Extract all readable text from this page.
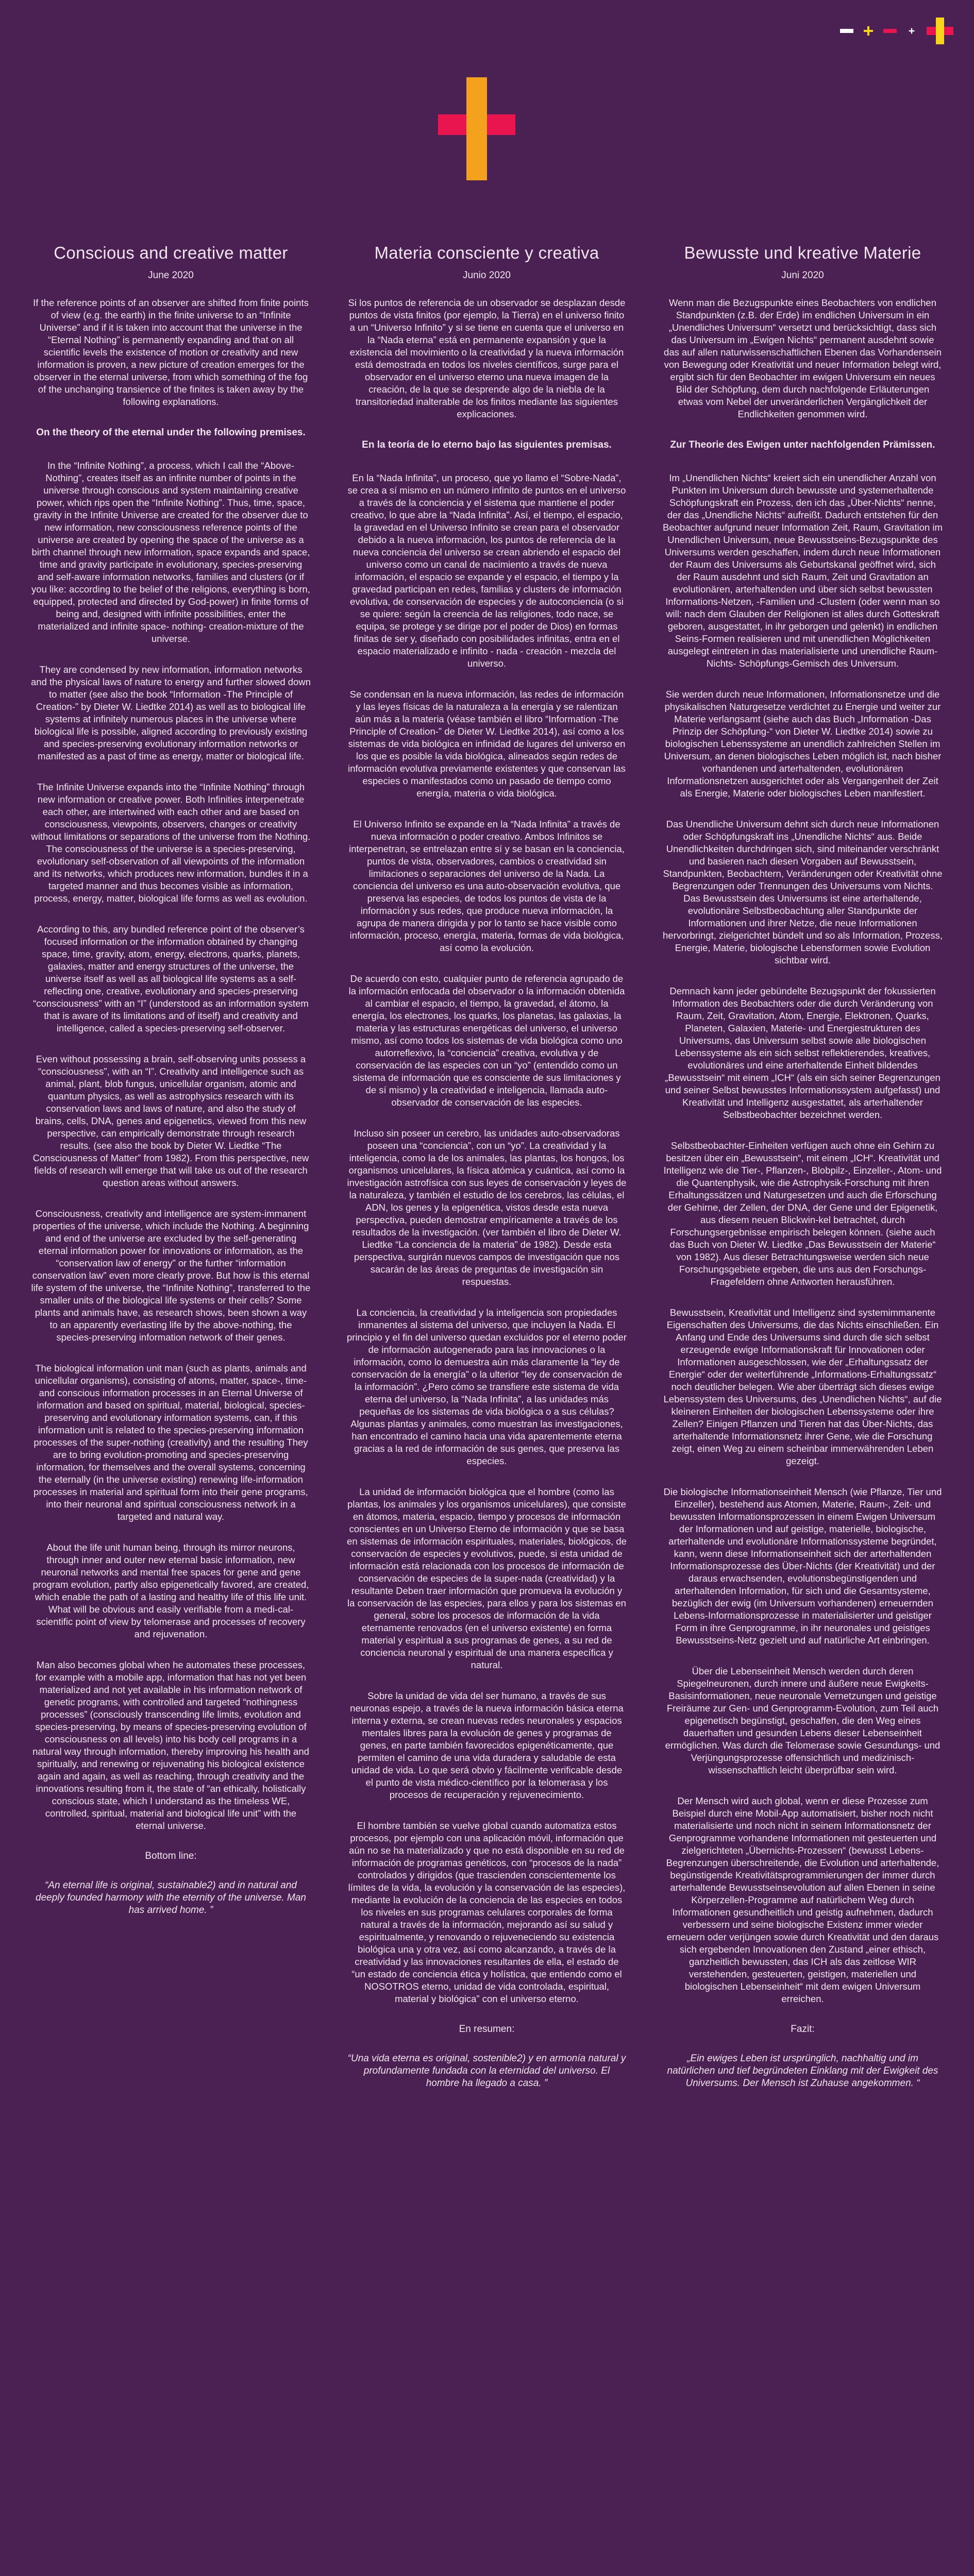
Conscious and creative matter
June 2020

If the reference points of an observer are shifted from finite points of view (e.g. the earth) in the finite universe to an “Infinite Universe” and if it is taken into account that the universe in the “Eternal Nothing” is permanently expanding and that on all scientific levels the existence of motion or creativity and new information is proven, a new picture of creation emerges for the observer in the eternal universe, from which something of the fog of the unchanging transience of the finites is taken away by the following explanations.

On the theory of the eternal under the following premises.

In the “Infinite Nothing”, a process, which I call the “Above-Nothing”, creates itself as an infinite number of points in the universe through conscious and system maintaining creative power, which rips open the “Infinite Nothing”. Thus, time, space, gravity in the Infinite Universe are created for the observer due to new information, new consciousness reference points of the universe are created by opening the space of the universe as a birth channel through new information, space expands and space, time and gravity participate in evolutionary, species-preserving and self-aware information networks, families and clusters (or if you like: according to the belief of the religions, everything is born, equipped, protected and directed by God-power) in finite forms of being and, designed with infinite possibilities, enter the materialized and infinite space- nothing- creation-mixture of the universe.

They are condensed by new information, information networks and the physical laws of nature to energy and further slowed down to matter (see also the book “Information -The Principle of Creation-” by Dieter W. Liedtke 2014) as well as to biological life systems at infinitely numerous places in the universe where biological life is possible, aligned according to previously existing and species-preserving evolutionary information networks or manifested as a past of time as energy, matter or biological life.

The Infinite Universe expands into the “Infinite Nothing” through new information or creative power. Both Infinities interpenetrate each other, are intertwined with each other and are based on consciousness, viewpoints, observers, changes or creativity without limitations or separations of the universe from the Nothing. The consciousness of the universe is a species-preserving, evolutionary self-observation of all viewpoints of the information and its networks, which produces new information, bundles it in a targeted manner and thus becomes visible as information, process, energy, matter, biological life forms as well as evolution.

According to this, any bundled reference point of the observer’s focused information or the information obtained by changing space, time, gravity, atom, energy, electrons, quarks, planets, galaxies, matter and energy structures of the universe, the universe itself as well as all biological life systems as a self-reflecting one, creative, evolutionary and species-preserving “consciousness” with an “I” (understood as an information system that is aware of its limitations and of itself) and creativity and intelligence, called a species-preserving self-observer.

Even without possessing a brain, self-observing units possess a “consciousness”, with an “I”. Creativity and intelligence such as animal, plant, blob fungus, unicellular organism, atomic and quantum physics, as well as astrophysics research with its conservation laws and laws of nature, and also the study of brains, cells, DNA, genes and epigenetics, viewed from this new perspective, can empirically demonstrate through research results. (see also the book by Dieter W. Liedtke “The Consciousness of Matter” from 1982). From this perspective, new fields of research will emerge that will take us out of the research question areas without answers.

Consciousness, creativity and intelligence are system-immanent properties of the universe, which include the Nothing. A beginning and end of the universe are excluded by the self-generating eternal information power for innovations or information, as the “conservation law of energy” or the further “information conservation law” even more clearly prove. But how is this eternal life system of the universe, the “Infinite Nothing”, transferred to the smaller units of the biological life systems or their cells? Some plants and animals have, as research shows, been shown a way to an apparently everlasting life by the above-nothing, the species-preserving information network of their genes.

The biological information unit man (such as plants, animals and unicellular organisms), consisting of atoms, matter, space-, time- and conscious information processes in an Eternal Universe of information and based on spiritual, material, biological, species-preserving and evolutionary information systems, can, if this information unit is related to the species-preserving information processes of the super-nothing (creativity) and the resulting They are to bring evolution-promoting and species-preserving information, for themselves and the overall systems, concerning the eternally (in the universe existing) renewing life-information processes in material and spiritual form into their gene programs, into their neuronal and spiritual consciousness network in a targeted and natural way.

About the life unit human being, through its mirror neurons, through inner and outer new eternal basic information, new neuronal networks and mental free spaces for gene and gene program evolution, partly also epigenetically favored, are created, which enable the path of a lasting and healthy life of this life unit. What will be obvious and easily verifiable from a medi-cal-scientific point of view by telomerase and processes of recovery and rejuvenation.

Man also becomes global when he automates these processes, for example with a mobile app, information that has not yet been materialized and not yet available in his information network of genetic programs, with controlled and targeted “nothingness processes” (consciously transcending life limits, evolution and species-preserving, by means of species-preserving evolution of consciousness on all levels) into his body cell programs in a natural way through information, thereby improving his health and spiritually, and renewing or rejuvenating his biological existence again and again, as well as reaching, through creativity and the innovations resulting from it, the state of “an ethically, holistically conscious state, which I understand as the timeless WE, controlled, spiritual, material and biological life unit” with the eternal universe.

Bottom line:

“An eternal life is original, sustainable2) and in natural and deeply founded harmony with the eternity of the universe. Man has arrived home. ”

Materia consciente y creativa
Junio 2020

Si los puntos de referencia de un observador se desplazan desde puntos de vista finitos (por ejemplo, la Tierra) en el universo finito a un “Universo Infinito” y si se tiene en cuenta que el universo en la “Nada eterna” está en permanente expansión y que la existencia del movimiento o la creatividad y la nueva información está demostrada en todos los niveles científicos, surge para el observador en el universo eterno una nueva imagen de la creación, de la que se desprende algo de la niebla de la transitoriedad inalterable de los finitos mediante las siguientes explicaciones.

En la teoría de lo eterno bajo las siguientes premisas.

En la “Nada Infinita”, un proceso, que yo llamo el “Sobre-Nada”, se crea a sí mismo en un número infinito de puntos en el universo a través de la conciencia y el sistema que mantiene el poder creativo, lo que abre la “Nada Infinita”. Así, el tiempo, el espacio, la gravedad en el Universo Infinito se crean para el observador debido a la nueva información, los puntos de referencia de la nueva conciencia del universo se crean abriendo el espacio del universo como un canal de nacimiento a través de nueva información, el espacio se expande y el espacio, el tiempo y la gravedad participan en redes, familias y clusters de información evolutiva, de conservación de especies y de autoconciencia (o si se quiere: según la creencia de las religiones, todo nace, se equipa, se protege y se dirige por el poder de Dios) en formas finitas de ser y, diseñado con posibilidades infinitas, entra en el espacio materializado e infinito - nada - creación - mezcla del universo.

Se condensan en la nueva información, las redes de información y las leyes físicas de la naturaleza a la energía y se ralentizan aún más a la materia (véase también el libro “Information -The Principle of Creation-” de Dieter W. Liedtke 2014), así como a los sistemas de vida biológica en infinidad de lugares del universo en los que es posible la vida biológica, alineados según redes de información evolutiva previamente existentes y que conservan las especies o manifestados como un pasado de tiempo como energía, materia o vida biológica.

El Universo Infinito se expande en la “Nada Infinita” a través de nueva información o poder creativo. Ambos Infinitos se interpenetran, se entrelazan entre sí y se basan en la conciencia, puntos de vista, observadores, cambios o creatividad sin limitaciones o separaciones del universo de la Nada. La conciencia del universo es una auto-observación evolutiva, que preserva las especies, de todos los puntos de vista de la información y sus redes, que produce nueva información, la agrupa de manera dirigida y por lo tanto se hace visible como información, proceso, energía, materia, formas de vida biológica, así como la evolución.

De acuerdo con esto, cualquier punto de referencia agrupado de la información enfocada del observador o la información obtenida al cambiar el espacio, el tiempo, la gravedad, el átomo, la energía, los electrones, los quarks, los planetas, las galaxias, la materia y las estructuras energéticas del universo, el universo mismo, así como todos los sistemas de vida biológica como uno autorreflexivo, la “conciencia” creativa, evolutiva y de conservación de las especies con un “yo” (entendido como un sistema de información que es consciente de sus limitaciones y de sí mismo) y la creatividad e inteligencia, llamada auto-observador de conservación de las especies.

Incluso sin poseer un cerebro, las unidades auto-observadoras poseen una “conciencia”, con un “yo”. La creatividad y la inteligencia, como la de los animales, las plantas, los hongos, los organismos unicelulares, la física atómica y cuántica, así como la investigación astrofísica con sus leyes de conservación y leyes de la naturaleza, y también el estudio de los cerebros, las células, el ADN, los genes y la epigenética, vistos desde esta nueva perspectiva, pueden demostrar empíricamente a través de los resultados de la investigación. (ver también el libro de Dieter W. Liedtke “La conciencia de la materia” de 1982). Desde esta perspectiva, surgirán nuevos campos de investigación que nos sacarán de las áreas de preguntas de investigación sin respuestas.

La conciencia, la creatividad y la inteligencia son propiedades inmanentes al sistema del universo, que incluyen la Nada. El principio y el fin del universo quedan excluidos por el eterno poder de información autogenerado para las innovaciones o la información, como lo demuestra aún más claramente la “ley de conservación de la energía” o la ulterior “ley de conservación de la información”. ¿Pero cómo se transfiere este sistema de vida eterna del universo, la “Nada Infinita”, a las unidades más pequeñas de los sistemas de vida biológica o a sus células? Algunas plantas y animales, como muestran las investigaciones, han encontrado el camino hacia una vida aparentemente eterna gracias a la red de información de sus genes, que preserva las especies.

La unidad de información biológica que el hombre (como las plantas, los animales y los organismos unicelulares), que consiste en átomos, materia, espacio, tiempo y procesos de información conscientes en un Universo Eterno de información y que se basa en sistemas de información espirituales, materiales, biológicos, de conservación de especies y evolutivos, puede, si esta unidad de información está relacionada con los procesos de información de conservación de especies de la super-nada (creatividad) y la resultante Deben traer información que promueva la evolución y la conservación de las especies, para ellos y para los sistemas en general, sobre los procesos de información de la vida eternamente renovados (en el universo existente) en forma material y espiritual a sus programas de genes, a su red de conciencia neuronal y espiritual de una manera específica y natural.

Sobre la unidad de vida del ser humano, a través de sus neuronas espejo, a través de la nueva información básica eterna interna y externa, se crean nuevas redes neuronales y espacios mentales libres para la evolución de genes y programas de genes, en parte también favorecidos epigenéticamente, que permiten el camino de una vida duradera y saludable de esta unidad de vida. Lo que será obvio y fácilmente verificable desde el punto de vista médico-científico por la telomerasa y los procesos de recuperación y rejuvenecimiento.

El hombre también se vuelve global cuando automatiza estos procesos, por ejemplo con una aplicación móvil, información que aún no se ha materializado y que no está disponible en su red de información de programas genéticos, con “procesos de la nada” controlados y dirigidos (que trascienden conscientemente los límites de la vida, la evolución y la conservación de las especies), mediante la evolución de la conciencia de las especies en todos los niveles en sus programas celulares corporales de forma natural a través de la información, mejorando así su salud y espiritualmente, y renovando o rejuveneciendo su existencia biológica una y otra vez, así como alcanzando, a través de la creatividad y las innovaciones resultantes de ella, el estado de “un estado de conciencia ética y holística, que entiendo como el NOSOTROS eterno, unidad de vida controlada, espiritual, material y biológica” con el universo eterno.

En resumen:

“Una vida eterna es original, sostenible2) y en armonía natural y profundamente fundada con la eternidad del universo. El hombre ha llegado a casa. ”

Bewusste und kreative Materie
Juni 2020

Wenn man die Bezugspunkte eines Beobachters von endlichen Standpunkten (z.B. der Erde) im endlichen Universum in ein „Unendliches Universum“ versetzt und berücksichtigt, dass sich das Universum im „Ewigen Nichts“ permanent ausdehnt sowie das auf allen naturwissenschaftlichen Ebenen das Vorhandensein von Bewegung oder Kreativität und neuer Information belegt wird, ergibt sich für den Beobachter im ewigen Universum ein neues Bild der Schöpfung, dem durch nachfolgende Erläuterungen etwas vom Nebel der unveränderlichen Vergänglichkeit der Endlichkeiten genommen wird.

Zur Theorie des Ewigen unter nachfolgenden Prämissen.

Im „Unendlichen Nichts“ kreiert sich ein unendlicher Anzahl von Punkten im Universum durch bewusste und systemerhaltende Schöpfungskraft ein Prozess, den ich das „Über-Nichts“ nenne, der das „Unendliche Nichts“ aufreißt. Dadurch entstehen für den Beobachter aufgrund neuer Information Zeit, Raum, Gravitation im Unendlichen Universum, neue Bewusstseins-Bezugspunkte des Universums werden geschaffen, indem durch neue Informationen der Raum des Universums als Geburtskanal geöffnet wird, sich der Raum ausdehnt und sich Raum, Zeit und Gravitation an evolutionären, arterhaltenden und über sich selbst bewussten Informations-Netzen, -Familien und -Clustern (oder wenn man so will: nach dem Glauben der Religionen ist alles durch Gotteskraft geboren, ausgestattet, in ihr geborgen und gelenkt) in endlichen Seins-Formen realisieren und mit unendlichen Möglichkeiten ausgelegt eintreten in das materialisierte und unendliche Raum- Nichts- Schöpfungs-Gemisch des Universum.

Sie werden durch neue Informationen, Informationsnetze und die physikalischen Naturgesetze verdichtet zu Energie und weiter zur Materie verlangsamt (siehe auch das Buch „Information -Das Prinzip der Schöpfung-“ von Dieter W. Liedtke 2014) sowie zu biologischen Lebenssysteme an unendlich zahlreichen Stellen im Universum, an denen biologisches Leben möglich ist, nach bisher vorhandenen und arterhaltenden, evolutionären Informationsnetzen ausgerichtet oder als Vergangenheit der Zeit als Energie, Materie oder biologisches Leben manifestiert.

Das Unendliche Universum dehnt sich durch neue Informationen oder Schöpfungskraft ins „Unendliche Nichts“ aus. Beide Unendlichkeiten durchdringen sich, sind miteinander verschränkt und basieren nach diesen Vorgaben auf Bewusstsein, Standpunkten, Beobachtern, Veränderungen oder Kreativität ohne Begrenzungen oder Trennungen des Universums vom Nichts. Das Bewusstsein des Universums ist eine arterhaltende, evolutionäre Selbstbeobachtung aller Standpunkte der Informationen und ihrer Netze, die neue Informationen hervorbringt, zielgerichtet bündelt und so als Information, Prozess, Energie, Materie, biologische Lebensformen sowie Evolution sichtbar wird.

Demnach kann jeder gebündelte Bezugspunkt der fokussierten Information des Beobachters oder die durch Veränderung von Raum, Zeit, Gravitation, Atom, Energie, Elektronen, Quarks, Planeten, Galaxien, Materie- und Energiestrukturen des Universums, das Universum selbst sowie alle biologischen Lebenssysteme als ein sich selbst reflektierendes, kreatives, evolutionäres und eine arterhaltende Einheit bildendes „Bewusstsein“ mit einem „ICH“ (als ein sich seiner Begrenzungen und seiner Selbst bewusstes Informationssystem aufgefasst) und Kreativität und Intelligenz ausgestattet, als arterhaltender Selbstbeobachter bezeichnet werden.

Selbstbeobachter-Einheiten verfügen auch ohne ein Gehirn zu besitzen über ein „Bewusstsein“, mit einem „ICH“. Kreativität und Intelligenz wie die Tier-, Pflanzen-, Blobpilz-, Einzeller-, Atom- und die Quantenphysik, wie die Astrophysik-Forschung mit ihren Erhaltungssätzen und Naturgesetzen und auch die Erforschung der Gehirne, der Zellen, der DNA, der Gene und der Epigenetik, aus diesem neuen Blickwin-kel betrachtet, durch Forschungsergebnisse empirisch belegen können. (siehe auch das Buch von Dieter W. Liedtke „Das Bewusstsein der Materie“ von 1982). Aus dieser Betrachtungsweise werden sich neue Forschungsgebiete ergeben, die uns aus den Forschungs-Fragefeldern ohne Antworten herausführen.

Bewusstsein, Kreativität und Intelligenz sind systemimmanente Eigenschaften des Universums, die das Nichts einschließen. Ein Anfang und Ende des Universums sind durch die sich selbst erzeugende ewige Informationskraft für Innovationen oder Informationen ausgeschlossen, wie der „Erhaltungssatz der Energie“ oder der weiterführende „Informations-Erhaltungssatz“ noch deutlicher belegen. Wie aber überträgt sich dieses ewige Lebenssystem des Universums, des „Unendlichen Nichts“, auf die kleineren Einheiten der biologischen Lebenssysteme oder ihre Zellen? Einigen Pflanzen und Tieren hat das Über-Nichts, das arterhaltende Informationsnetz ihrer Gene, wie die Forschung zeigt, einen Weg zu einem scheinbar immerwährenden Leben gezeigt.

Die biologische Informationseinheit Mensch (wie Pflanze, Tier und Einzeller), bestehend aus Atomen, Materie, Raum-, Zeit- und bewussten Informationsprozessen in einem Ewigen Universum der Informationen und auf geistige, materielle, biologische, arterhaltende und evolutionäre Informationssysteme begründet, kann, wenn diese Informationseinheit sich der arterhaltenden Informationsprozesse des Über-Nichts (der Kreativität) und der daraus erwachsenden, evolutionsbegünstigenden und arterhaltenden Information, für sich und die Gesamtsysteme, bezüglich der ewig (im Universum vorhandenen) erneuernden Lebens-Informationsprozesse in materialisierter und geistiger Form in ihre Genprogramme, in ihr neuronales und geistiges Bewusstseins-Netz gezielt und auf natürliche Art einbringen.

Über die Lebenseinheit Mensch werden durch deren Spiegelneuronen, durch innere und äußere neue Ewigkeits-Basisinformationen, neue neuronale Vernetzungen und geistige Freiräume zur Gen- und Genprogramm-Evolution, zum Teil auch epigenetisch begünstigt, geschaffen, die den Weg eines dauerhaften und gesunden Lebens dieser Lebenseinheit ermöglichen. Was durch die Telomerase sowie Gesundungs- und Verjüngungsprozesse offensichtlich und medizinisch-wissenschaftlich leicht überprüfbar sein wird.

Der Mensch wird auch global, wenn er diese Prozesse zum Beispiel durch eine Mobil-App automatisiert, bisher noch nicht materialisierte und noch nicht in seinem Informationsnetz der Genprogramme vorhandene Informationen mit gesteuerten und zielgerichteten „Übernichts-Prozessen“ (bewusst Lebens-Begrenzungen überschreitende, die Evolution und arterhaltende, begünstigende Kreativitätsprogrammierungen der immer durch arterhaltende Bewusstseinsevolution auf allen Ebenen in seine Körperzellen-Programme auf natürlichem Weg durch Informationen gesundheitlich und geistig aufnehmen, dadurch verbessern und seine biologische Existenz immer wieder erneuern oder verjüngen sowie durch Kreativität und den daraus sich ergebenden Innovationen den Zustand „einer ethisch, ganzheitlich bewussten, das ICH als das zeitlose WIR verstehenden, gesteuerten, geistigen, materiellen und biologischen Lebenseinheit“ mit dem ewigen Universum erreichen.

Fazit:

„Ein ewiges Leben ist ursprünglich, nachhaltig und im natürlichen und tief begründeten Einklang mit der Ewigkeit des Universums. Der Mensch ist Zuhause angekommen. “
